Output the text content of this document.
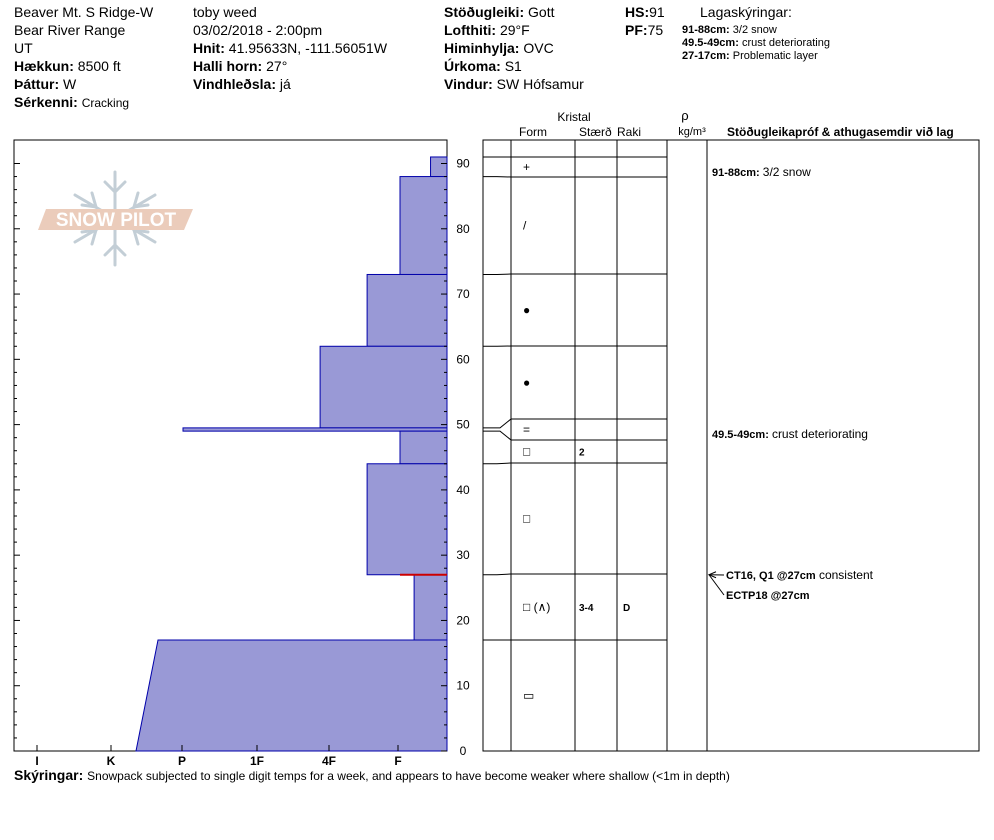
Beaver Mt. S Ridge-W
Bear River Range
UT
Hækkun: 8500 ft
Þáttur: W
Sérkenni: Cracking
toby weed
03/02/2018 - 2:00pm
Hnit: 41.95633N, -111.56051W
Halli horn: 27°
Vindhleðsla: já
Stöðugleiki: Gott
Lofthiti: 29°F
Himinhylja: OVC
Úrkoma: S1
Vindur: SW Hófsamur
HS:91
PF:75
Lagaskýringar:
91-88cm: 3/2 snow
49.5-49cm: crust deteriorating
27-17cm: Problematic layer
Skýringar: Snowpack subjected to single digit temps for a week, and appears to have become weaker where shallow (<1m in depth)
SNOW PILOT
0
10
20
30
40
50
60
70
80
90
I	K	P	1F	4F	F
+
/
●
●
=
□	2
□
□ (∧)	3-4	D
▭
91-88cm: 3/2 snow
49.5-49cm: crust deteriorating
CT16, Q1 @27cm consistent
ECTP18 @27cm
Kristal
Form	Stærð Raki
ρ
kg/m³ Stöðugleikapróf & athugasemdir við lag
